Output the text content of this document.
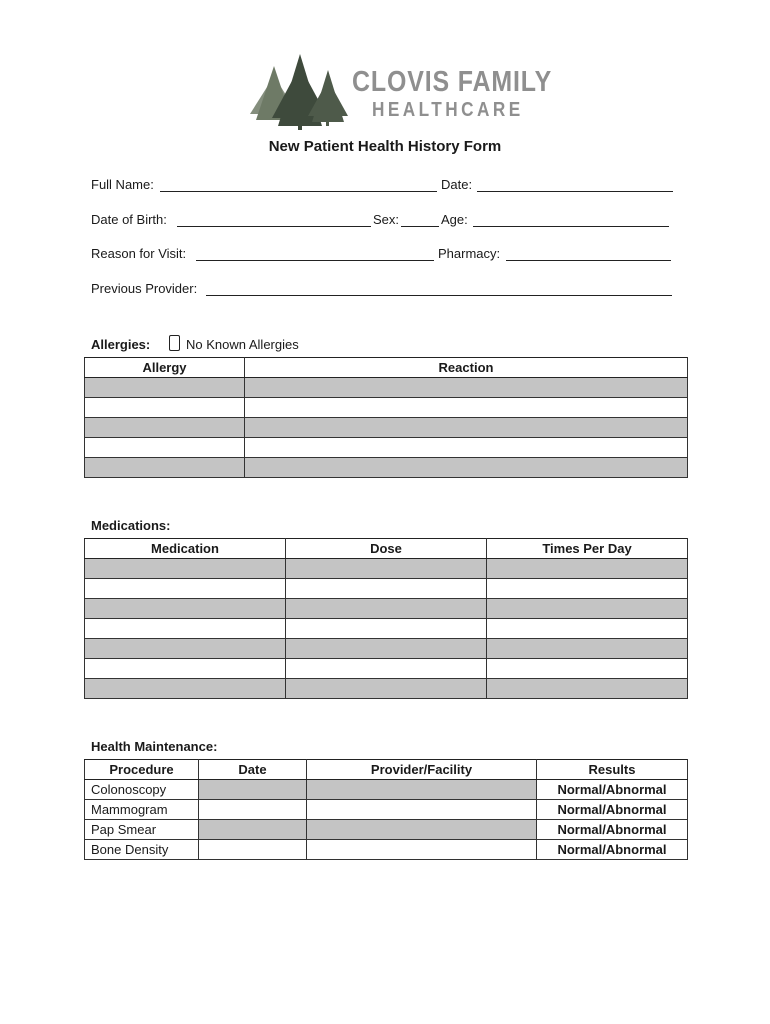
CLOVIS FAMILY
HEALTHCARE
New Patient Health History Form
Full Name:	Date:
Date of Birth:	Sex:	Age:
Reason for Visit:	Pharmacy:
Previous Provider:
Allergies:	No Known Allergies
Allergy	Reaction

Medications:
Medication	Dose	Times Per Day

Health Maintenance:
Procedure	Date	Provider/Facility	Results
Colonoscopy			Normal/Abnormal
Mammogram			Normal/Abnormal
Pap Smear			Normal/Abnormal
Bone Density			Normal/Abnormal
